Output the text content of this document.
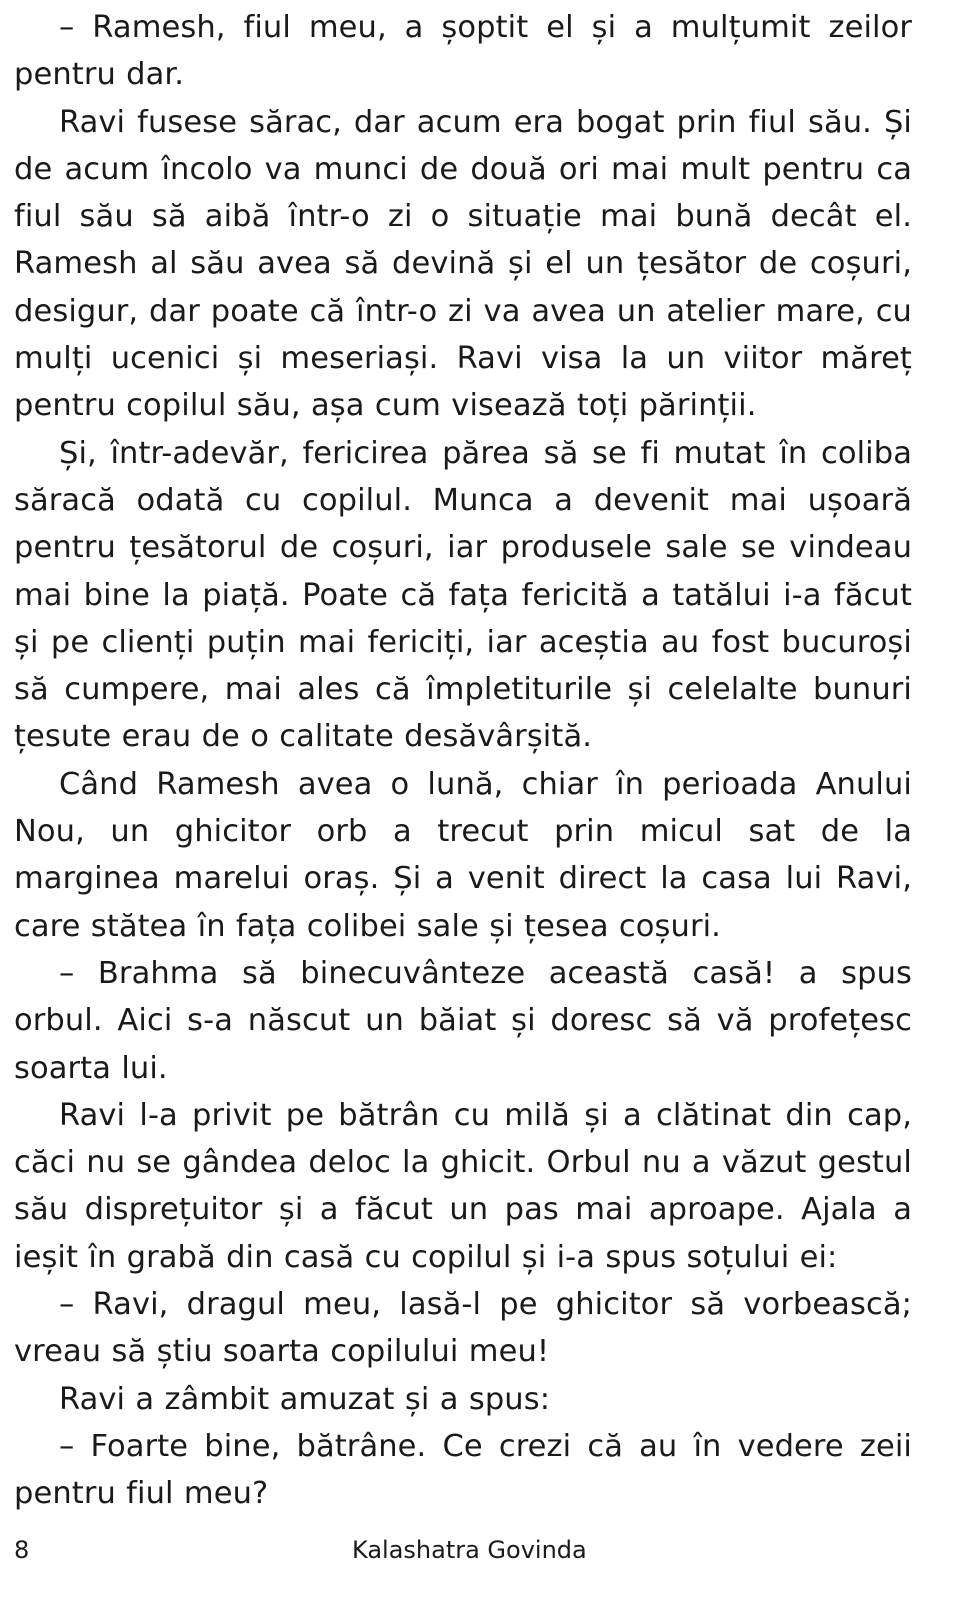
– Ramesh, fiul meu, a șoptit el și a mulțumit zeilor pentru dar.

Ravi fusese sărac, dar acum era bogat prin fiul său. Și de acum încolo va munci de două ori mai mult pentru ca fiul său să aibă într-o zi o situație mai bună decât el. Ramesh al său avea să devină și el un țesător de coșuri, desigur, dar poate că într-o zi va avea un atelier mare, cu mulți ucenici și meseriași. Ravi visa la un viitor măreț pentru copilul său, așa cum visează toți părinții.

Și, într-adevăr, fericirea părea să se fi mutat în coliba săracă odată cu copilul. Munca a devenit mai ușoară pentru țesătorul de coșuri, iar produsele sale se vindeau mai bine la piață. Poate că fața fericită a tatălui i-a făcut și pe clienți puțin mai fericiți, iar aceștia au fost bucuroși să cumpere, mai ales că împletiturile și celelalte bunuri țesute erau de o calitate desăvârșită.

Când Ramesh avea o lună, chiar în perioada Anului Nou, un ghicitor orb a trecut prin micul sat de la marginea marelui oraș. Și a venit direct la casa lui Ravi, care stătea în fața colibei sale și țesea coșuri.

– Brahma să binecuvânteze această casă! a spus orbul. Aici s-a născut un băiat și doresc să vă profețesc soarta lui.

Ravi l-a privit pe bătrân cu milă și a clătinat din cap, căci nu se gândea deloc la ghicit. Orbul nu a văzut gestul său disprețuitor și a făcut un pas mai aproape. Ajala a ieșit în grabă din casă cu copilul și i-a spus soțului ei:

– Ravi, dragul meu, lasă-l pe ghicitor să vorbească; vreau să știu soarta copilului meu!

Ravi a zâmbit amuzat și a spus:

– Foarte bine, bătrâne. Ce crezi că au în vedere zeii pentru fiul meu?

8	Kalashatra Govinda
